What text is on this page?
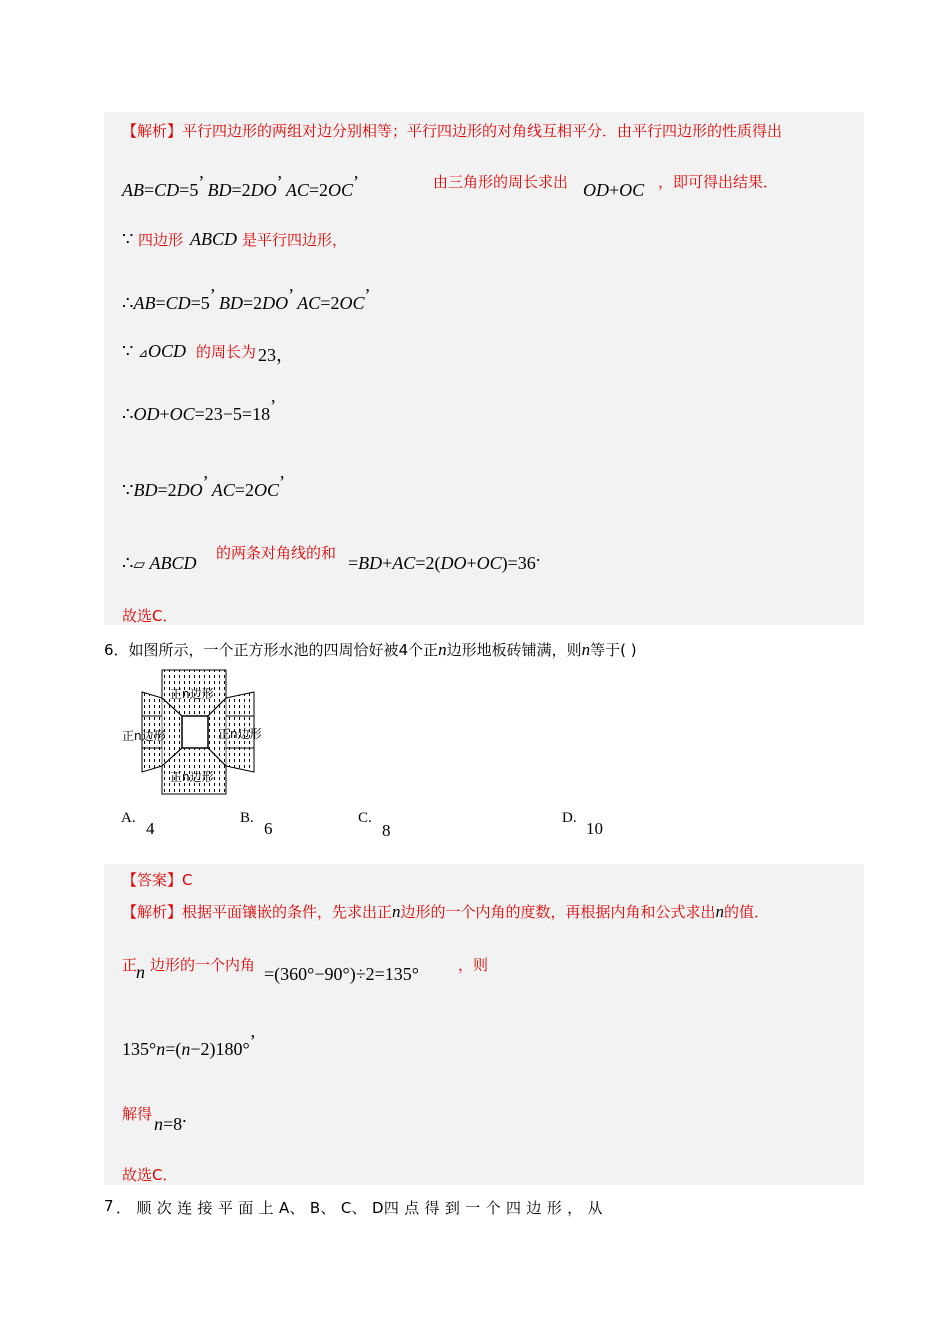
【解析】平行四边形的两组对边分别相等；平行四边形的对角线互相平分．由平行四边形的性质得出
AB=CD=5’ BD=2DO’ AC=2OC’	由三角形的周长求出 OD+OC ，即可得出结果．
∵ 四边形 ABCD 是平行四边形，
∴AB=CD=5’ BD=2DO’ AC=2OC’
∵ ⊿OCD 的周长为 23，
∴OD+OC=23−5=18’
∵BD=2DO’ AC=2OC’
∴▱ ABCD 的两条对角线的和 =BD+AC=2(DO+OC)=36.
故选C．
6．如图所示，一个正方形水池的四周恰好被4个正n边形地板砖铺满，则n等于( )
正n边形
正n边形	正n边形
正n边形
A.
4
B.
6
C.
8
D.
10
【答案】C
【解析】根据平面镶嵌的条件，先求出正n边形的一个内角的度数，再根据内角和公式求出n的值．
正
n 边形的一个内角 =(360°−90°)÷2=135°	，则
135°n=(n−2)180°’
解得 n=8.
故选C．
7 ． 顺 次 连 接 平 面 上 A、 B、 C、 D四 点 得 到 一 个 四 边 形 ， 从
